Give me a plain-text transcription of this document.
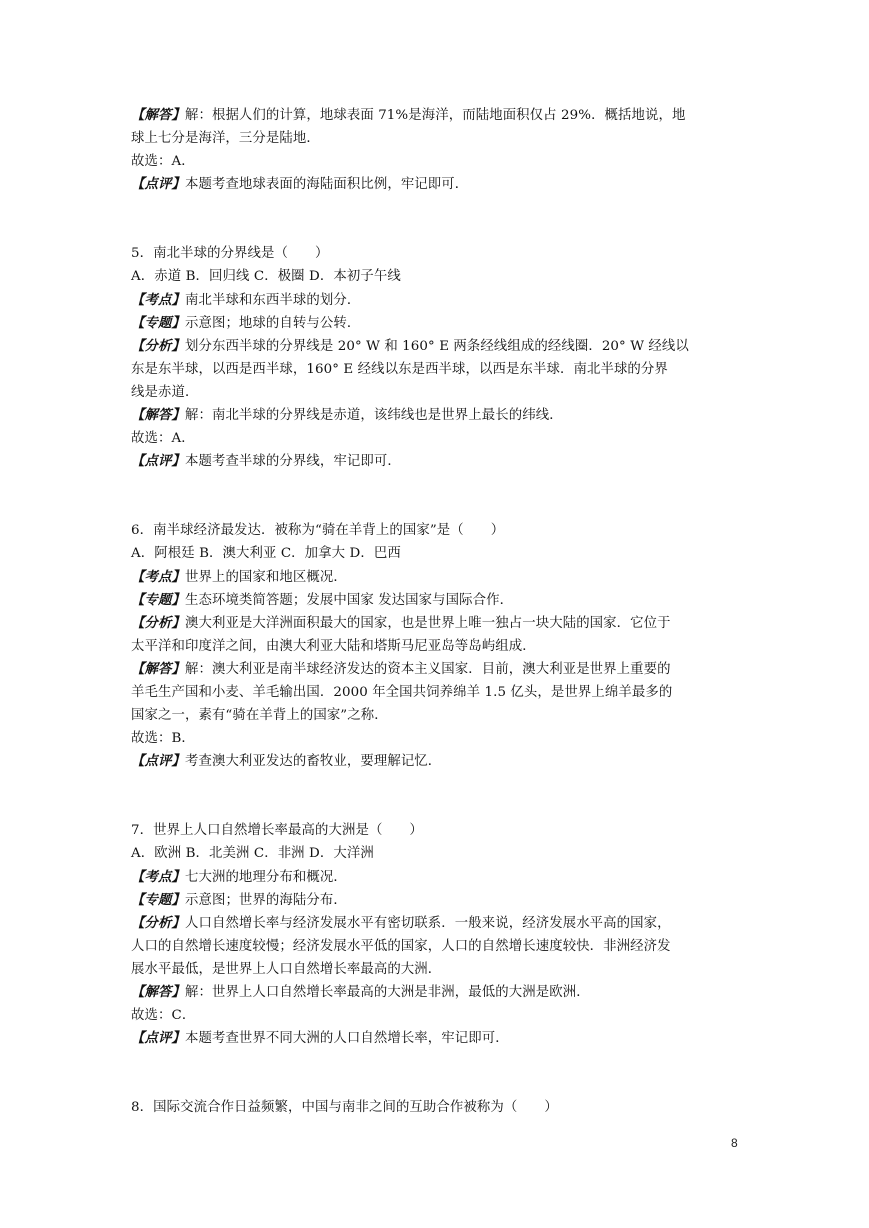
【解答】解：根据人们的计算，地球表面 71%是海洋，而陆地面积仅占 29%．概括地说，地
球上七分是海洋，三分是陆地．
故选：A．
【点评】本题考查地球表面的海陆面积比例，牢记即可．
5．南北半球的分界线是（　　）
A．赤道 B．回归线 C．极圈 D．本初子午线
【考点】南北半球和东西半球的划分．
【专题】示意图；地球的自转与公转．
【分析】划分东西半球的分界线是 20° W 和 160° E 两条经线组成的经线圈．20° W 经线以
东是东半球，以西是西半球，160° E 经线以东是西半球，以西是东半球．南北半球的分界
线是赤道．
【解答】解：南北半球的分界线是赤道，该纬线也是世界上最长的纬线．
故选：A．
【点评】本题考查半球的分界线，牢记即可．
6．南半球经济最发达．被称为“骑在羊背上的国家”是（　　）
A．阿根廷 B．澳大利亚 C．加拿大 D．巴西
【考点】世界上的国家和地区概况．
【专题】生态环境类简答题；发展中国家 发达国家与国际合作．
【分析】澳大利亚是大洋洲面积最大的国家，也是世界上唯一独占一块大陆的国家．它位于
太平洋和印度洋之间，由澳大利亚大陆和塔斯马尼亚岛等岛屿组成．
【解答】解：澳大利亚是南半球经济发达的资本主义国家．目前，澳大利亚是世界上重要的
羊毛生产国和小麦、羊毛输出国．2000 年全国共饲养绵羊 1.5 亿头，是世界上绵羊最多的
国家之一，素有“骑在羊背上的国家”之称．
故选：B．
【点评】考查澳大利亚发达的畜牧业，要理解记忆．
7．世界上人口自然增长率最高的大洲是（　　）
A．欧洲 B．北美洲 C．非洲 D．大洋洲
【考点】七大洲的地理分布和概况．
【专题】示意图；世界的海陆分布．
【分析】人口自然增长率与经济发展水平有密切联系．一般来说，经济发展水平高的国家，
人口的自然增长速度较慢；经济发展水平低的国家，人口的自然增长速度较快．非洲经济发
展水平最低，是世界上人口自然增长率最高的大洲．
【解答】解：世界上人口自然增长率最高的大洲是非洲，最低的大洲是欧洲．
故选：C．
【点评】本题考查世界不同大洲的人口自然增长率，牢记即可．
8．国际交流合作日益频繁，中国与南非之间的互助合作被称为（　　）
8
